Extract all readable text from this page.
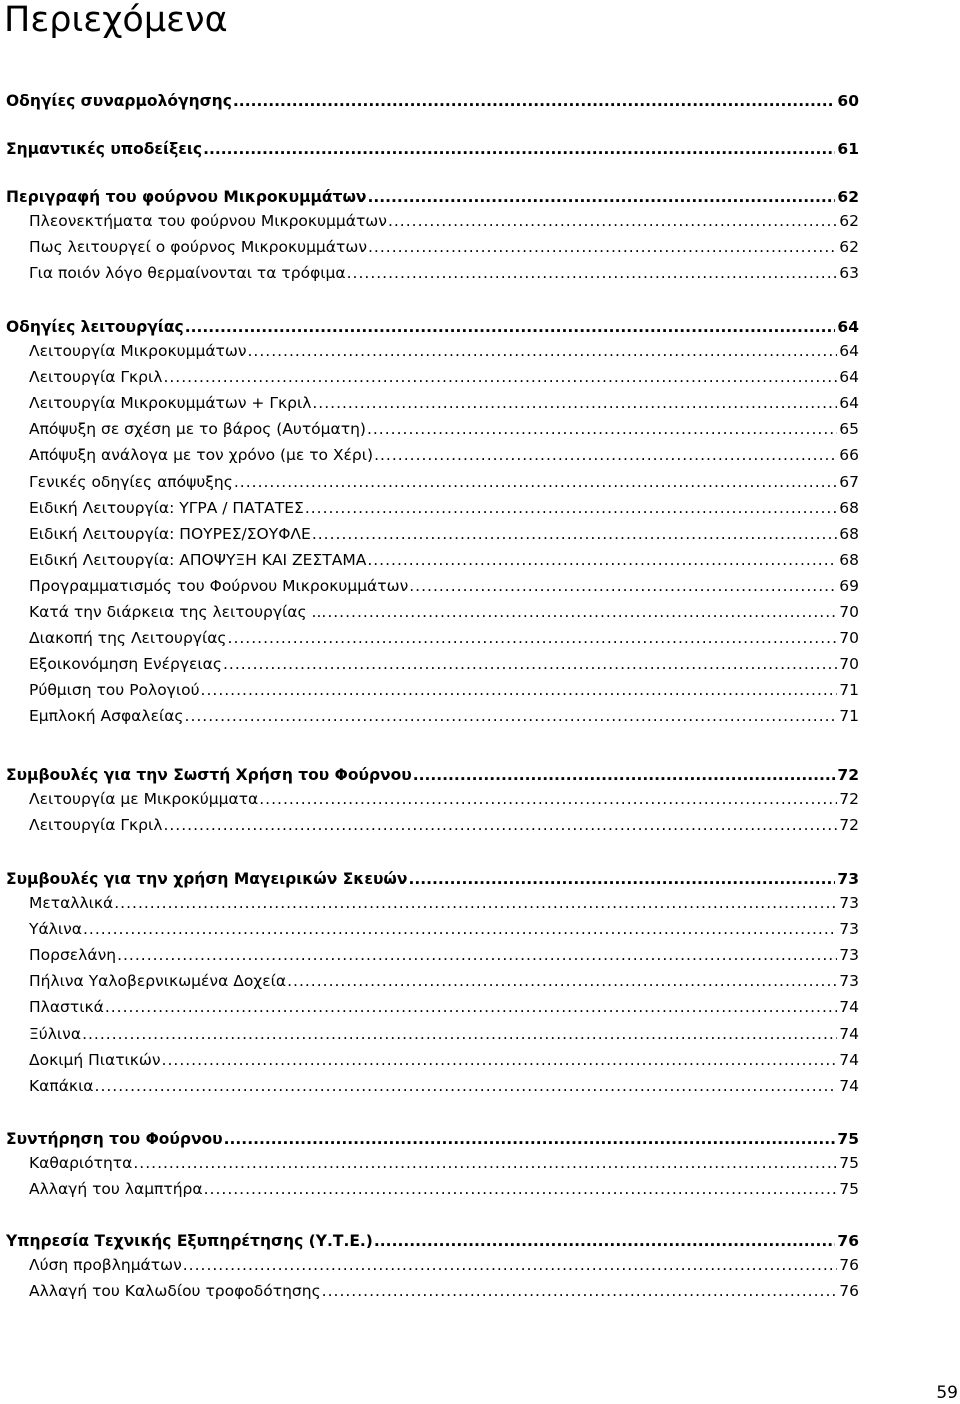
Περιεχόμενα
Οδηγίες συναρμολόγησης .....	60
Σημαντικές υποδείξεις .....	61
Περιγραφή του φούρνου Μικροκυμμάτων .....	62
Πλεονεκτήματα του φούρνου Μικροκυμμάτων .....	62
Πως λειτουργεί ο φούρνος Μικροκυμμάτων .....	62
Για ποιόν λόγο θερμαίνονται τα τρόφιμα .....	63
Οδηγίες λειτουργίας .....	64
Λειτουργία Μικροκυμμάτων .....	64
Λειτουργία Γκριλ .....	64
Λειτουργία Μικροκυμμάτων + Γκριλ .....	64
Απόψυξη σε σχέση με το βάρος (Αυτόματη) .....	65
Απόψυξη ανάλογα με τον χρόνο (με το Χέρι) .....	66
Γενικές οδηγίες απόψυξης .....	67
Ειδική Λειτουργία: ΥΓΡΑ / ΠΑΤΑΤΕΣ .....	68
Ειδική Λειτουργία: ΠΟΥΡΕΣ/ΣΟΥΦΛΕ .....	68
Ειδική Λειτουργία: ΑΠΟΨΥΞΗ ΚΑΙ ΖΕΣΤΑΜΑ .....	68
Προγραμματισμός του Φούρνου Μικροκυμμάτων .....	69
Κατά την διάρκεια της λειτουργίας ... .....	70
Διακοπή της Λειτουργίας .....	70
Εξοικονόμηση Ενέργειας .....	70
Ρύθμιση του Ρολογιού .....	71
Εμπλοκή Ασφαλείας .....	71
Συμβουλές για την Σωστή Χρήση του Φούρνου .....	72
Λειτουργία με Μικροκύμματα .....	72
Λειτουργία Γκριλ .....	72
Συμβουλές για την χρήση Μαγειρικών Σκευών .....	73
Μεταλλικά .....	73
Υάλινα .....	73
Πορσελάνη .....	73
Πήλινα Υαλοβερνικωμένα Δοχεία .....	73
Πλαστικά .....	74
Ξύλινα .....	74
Δοκιμή Πιατικών .....	74
Καπάκια .....	74
Συντήρηση του Φούρνου .....	75
Καθαριότητα .....	75
Αλλαγή του λαμπτήρα .....	75
Υπηρεσία Τεχνικής Εξυπηρέτησης (Υ.Τ.Ε.) .....	76
Λύση προβλημάτων .....	76
Αλλαγή του Καλωδίου τροφοδότησης .....	76
59
